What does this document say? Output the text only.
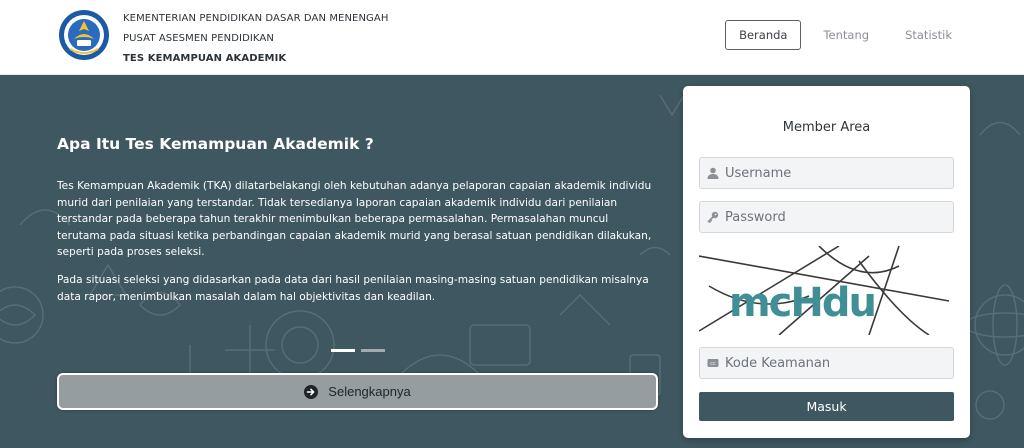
KEMENTERIAN PENDIDIKAN DASAR DAN MENENGAH
PUSAT ASESMEN PENDIDIKAN
TES KEMAMPUAN AKADEMIK
Beranda	Tentang	Statistik
Apa Itu Tes Kemampuan Akademik ?

Tes Kemampuan Akademik (TKA) dilatarbelakangi oleh kebutuhan adanya pelaporan capaian akademik individu murid dari penilaian yang terstandar. Tidak tersedianya laporan capaian akademik individu dari penilaian terstandar pada beberapa tahun terakhir menimbulkan beberapa permasalahan. Permasalahan muncul terutama pada situasi ketika perbandingan capaian akademik murid yang berasal satuan pendidikan dilakukan, seperti pada proses seleksi.

Pada situasi seleksi yang didasarkan pada data dari hasil penilaian masing-masing satuan pendidikan misalnya data rapor, menimbulkan masalah dalam hal objektivitas dan keadilan.

Selengkapnya
Member Area
Username
mcHdu
cc
Kode Keamanan
Masuk
